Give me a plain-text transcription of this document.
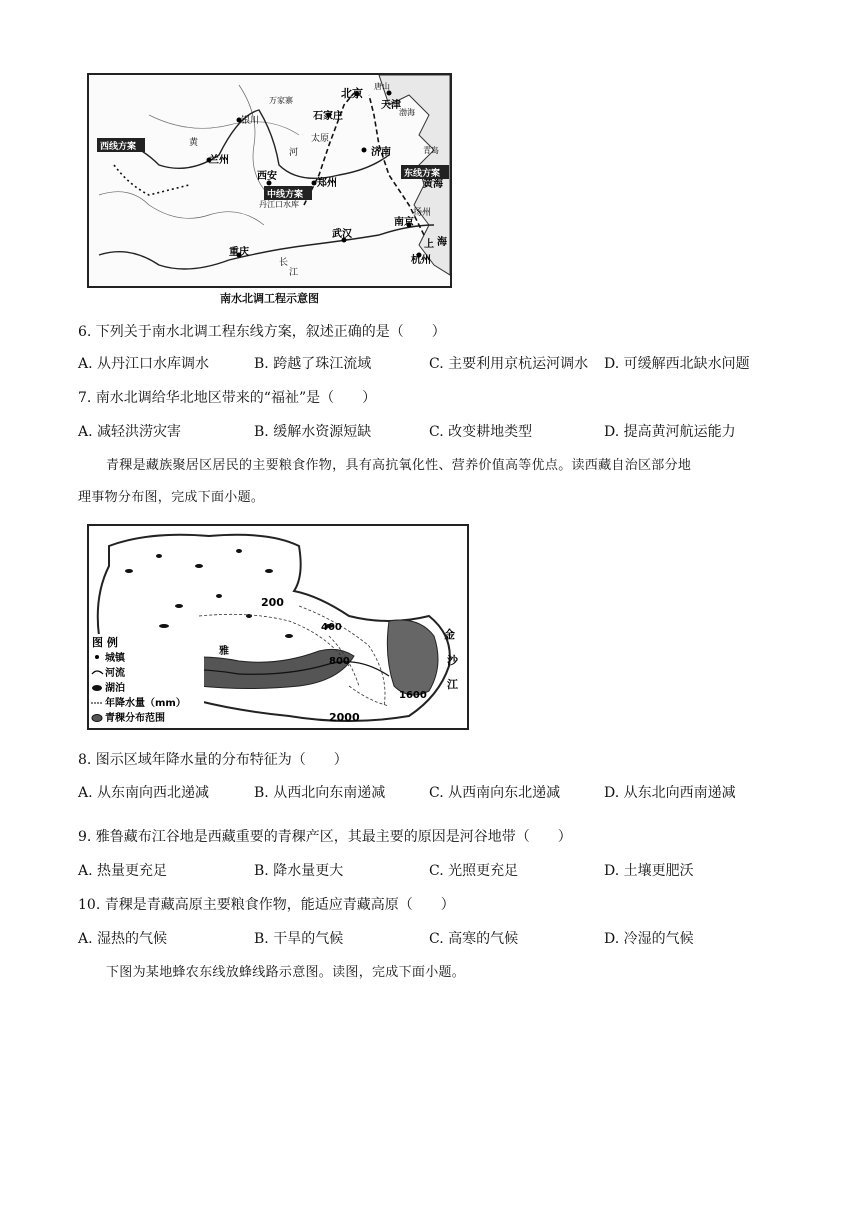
北京
唐山
天津
石家庄
太原
济南	青岛
银川
兰州
西安
郑州
丹江口水库
武汉
南京
杭州
重庆
扬州
黄海
万家寨
黄
河
长
江
海
上
渤海
西线方案
中线方案
东线方案
南水北调工程示意图
6. 下列关于南水北调工程东线方案，叙述正确的是（　　）
A. 从丹江口水库调水	B. 跨越了珠江流域	C. 主要利用京杭运河调水 D. 可缓解西北缺水问题
7. 南水北调给华北地区带来的“福祉”是（　　）
A. 减轻洪涝灾害	B. 缓解水资源短缺	C. 改变耕地类型	D. 提高黄河航运能力
青稞是藏族聚居区居民的主要粮食作物，具有高抗氧化性、营养价值高等优点。读西藏自治区部分地
理事物分布图，完成下面小题。
200
400
800
1600
2000
金
沙
江
雅
图 例
城镇
河流
湖泊
年降水量（mm）
青稞分布范围
8. 图示区域年降水量的分布特征为（　　）
A. 从东南向西北递减	B. 从西北向东南递减	C. 从西南向东北递减	D. 从东北向西南递减
9. 雅鲁藏布江谷地是西藏重要的青稞产区，其最主要的原因是河谷地带（　　）
A. 热量更充足	B. 降水量更大	C. 光照更充足	D. 土壤更肥沃
10. 青稞是青藏高原主要粮食作物，能适应青藏高原（　　）
A. 湿热的气候	B. 干旱的气候	C. 高寒的气候	D. 冷湿的气候
下图为某地蜂农东线放蜂线路示意图。读图，完成下面小题。
